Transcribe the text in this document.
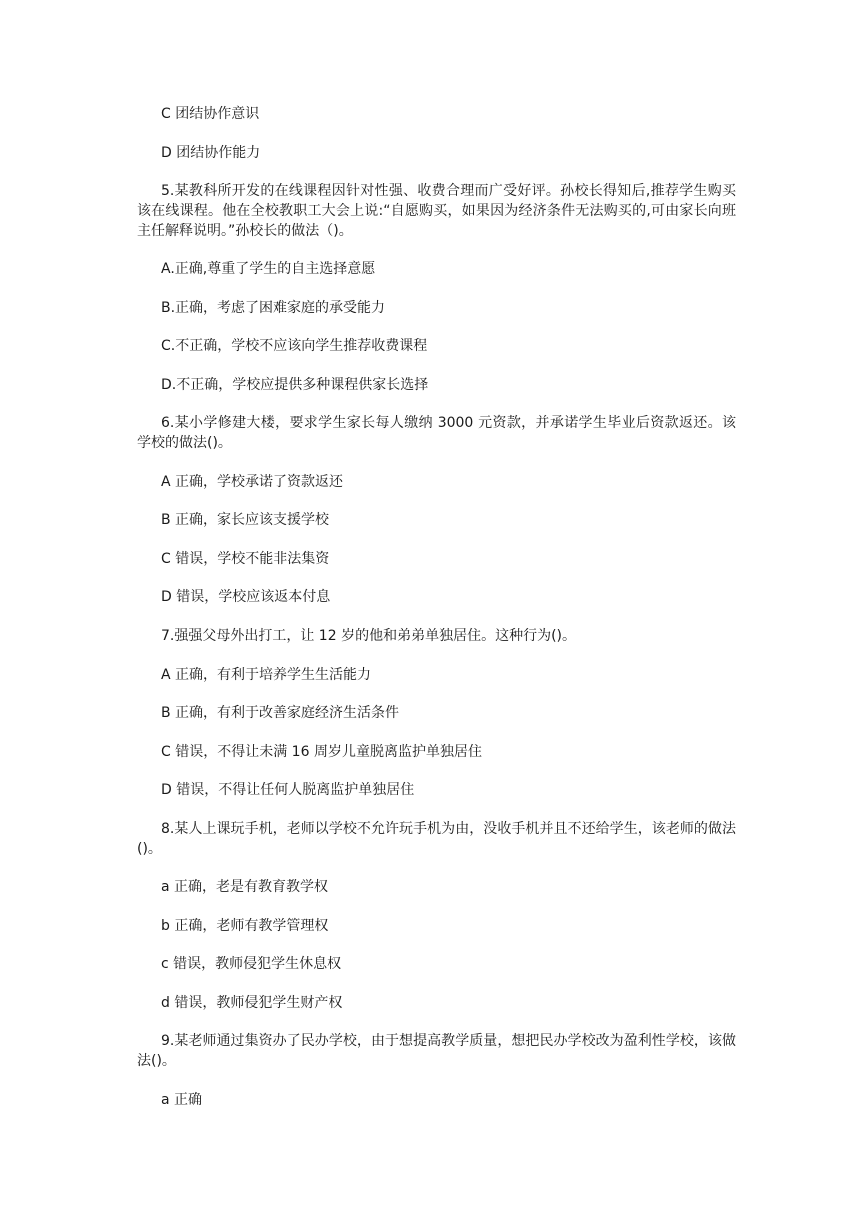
C 团结协作意识
D 团结协作能力
5.某教科所开发的在线课程因针对性强、收费合理而广受好评。孙校长得知后,推荐学生购买该在线课程。他在全校教职工大会上说:“自愿购买，如果因为经济条件无法购买的,可由家长向班主任解释说明。”孙校长的做法（)。
A.正确,尊重了学生的自主选择意愿
B.正确，考虑了困难家庭的承受能力
C.不正确，学校不应该向学生推荐收费课程
D.不正确，学校应提供多种课程供家长选择
6.某小学修建大楼，要求学生家长每人缴纳 3000 元资款，并承诺学生毕业后资款返还。该学校的做法()。
A 正确，学校承诺了资款返还
B 正确，家长应该支援学校
C 错误，学校不能非法集资
D 错误，学校应该返本付息
7.强强父母外出打工，让 12 岁的他和弟弟单独居住。这种行为()。
A 正确，有利于培养学生生活能力
B 正确，有利于改善家庭经济生活条件
C 错误，不得让未满 16 周岁儿童脱离监护单独居住
D 错误，不得让任何人脱离监护单独居住
8.某人上课玩手机，老师以学校不允许玩手机为由，没收手机并且不还给学生，该老师的做法()。
a 正确，老是有教育教学权
b 正确，老师有教学管理权
c 错误，教师侵犯学生休息权
d 错误，教师侵犯学生财产权
9.某老师通过集资办了民办学校，由于想提高教学质量，想把民办学校改为盈利性学校，该做法()。
a 正确
